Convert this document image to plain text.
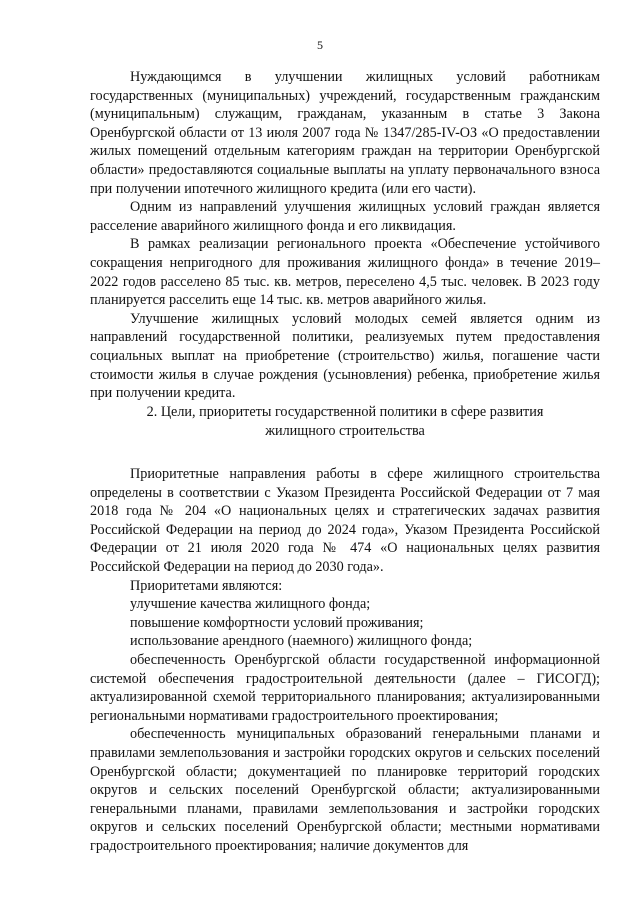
5

Нуждающимся в улучшении жилищных условий работникам государственных (муниципальных) учреждений, государственным гражданским (муниципальным) служащим, гражданам, указанным в статье 3 Закона Оренбургской области от 13 июля 2007 года № 1347/285-IV-ОЗ «О предоставлении жилых помещений отдельным категориям граждан на территории Оренбургской области» предоставляются социальные выплаты на уплату первоначального взноса при получении ипотечного жилищного кредита (или его части).

Одним из направлений улучшения жилищных условий граждан является расселение аварийного жилищного фонда и его ликвидация.

В рамках реализации регионального проекта «Обеспечение устойчивого сокращения непригодного для проживания жилищного фонда» в течение 2019–2022 годов расселено 85 тыс. кв. метров, переселено 4,5 тыс. человек. В 2023 году планируется расселить еще 14 тыс. кв. метров аварийного жилья.

Улучшение жилищных условий молодых семей является одним из направлений государственной политики, реализуемых путем предоставления социальных выплат на приобретение (строительство) жилья, погашение части стоимости жилья в случае рождения (усыновления) ребенка, приобретение жилья при получении кредита.

2. Цели, приоритеты государственной политики в сфере развития
жилищного строительства

Приоритетные направления работы в сфере жилищного строительства определены в соответствии с Указом Президента Российской Федерации от 7 мая 2018 года № 204 «О национальных целях и стратегических задачах развития Российской Федерации на период до 2024 года», Указом Президента Российской Федерации от 21 июля 2020 года № 474 «О национальных целях развития Российской Федерации на период до 2030 года».

Приоритетами являются:

улучшение качества жилищного фонда;

повышение комфортности условий проживания;

использование арендного (наемного) жилищного фонда;

обеспеченность Оренбургской области государственной информационной системой обеспечения градостроительной деятельности (далее – ГИСОГД); актуализированной схемой территориального планирования; актуализированными региональными нормативами градостроительного проектирования;

обеспеченность муниципальных образований генеральными планами и правилами землепользования и застройки городских округов и сельских поселений Оренбургской области; документацией по планировке территорий городских округов и сельских поселений Оренбургской области; актуализированными генеральными планами, правилами землепользования и застройки городских округов и сельских поселений Оренбургской области; местными нормативами градостроительного проектирования; наличие документов для
